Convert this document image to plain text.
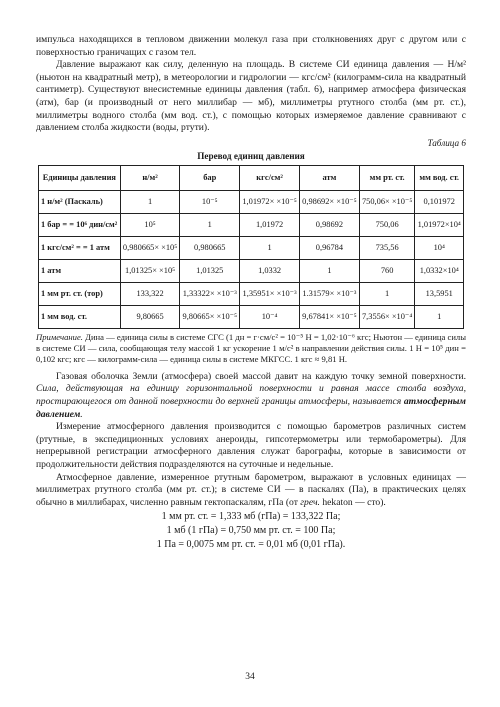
импульса находящихся в тепловом движении молекул газа при столкновениях друг с другом или с поверхностью граничащих с газом тел.

Давление выражают как силу, деленную на площадь. В системе СИ единица давления — Н/м² (ньютон на квадратный метр), в метеорологии и гидрологии — кгс/см² (килограмм-сила на квадратный сантиметр). Существуют внесистемные единицы давления (табл. 6), например атмосфера физическая (атм), бар (и производный от него миллибар — мб), миллиметры ртутного столба (мм рт. ст.), миллиметры водного столба (мм вод. ст.), с помощью которых измеряемое давление сравнивают с давлением столба жидкости (воды, ртути).

Таблица 6
Перевод единиц давления
Единицы давления	н/м²	бар	кгс/см²	атм	мм рт. ст.	мм вод. ст.
1 н/м² (Паскаль)	1	10⁻⁵	1,01972× ×10⁻⁵	0,98692× ×10⁻⁵	750,06× ×10⁻⁵	0,101972
1 бар = = 10⁶ дин/см²	10⁵	1	1,01972	0,98692	750,06	1,01972×10⁴
1 кгс/см² = = 1 атм	0,980665× ×10⁵	0,980665	1	0,96784	735,56	10⁴
1 атм	1,01325× ×10⁵	1,01325	1,0332	1	760	1,0332×10⁴
1 мм рт. ст. (тор)	133,322	1,33322× ×10⁻³	1,35951× ×10⁻³	1.31579× ×10⁻³	1	13,5951
1 мм вод. ст.	9,80665	9,80665× ×10⁻⁵	10⁻⁴	9,67841× ×10⁻⁵	7,3556× ×10⁻⁴	1

Примечание. Дина — единица силы в системе СГС (1 дн = г·см/с² = 10⁻⁵ Н = 1,02·10⁻⁶ кгс; Ньютон — единица силы в системе СИ — сила, сообщающая телу массой 1 кг ускорение 1 м/с² в направлении действия силы. 1 Н = 10⁵ дин = 0,102 кгс; кгс — килограмм-сила — единица силы в системе МКГСС. 1 кгс ≈ 9,81 Н.

Газовая оболочка Земли (атмосфера) своей массой давит на каждую точку земной поверхности. Сила, действующая на единицу горизонтальной поверхности и равная массе столба воздуха, простирающегося от данной поверхности до верхней границы атмосферы, называется атмосферным давлением.

Измерение атмосферного давления производится с помощью барометров различных систем (ртутные, в экспедиционных условиях анероиды, гипсотермометры или термобарометры). Для непрерывной регистрации атмосферного давления служат барографы, которые в зависимости от продолжительности действия подразделяются на суточные и недельные.

Атмосферное давление, измеренное ртутным барометром, выражают в условных единицах — миллиметрах ртутного столба (мм рт. ст.); в системе СИ — в паскалях (Па), в практических целях обычно в миллибарах, численно равным гектопаскалям, гПа (от греч. hekaton — сто).

1 мм рт. ст. = 1,333 мб (гПа) = 133,322 Па;
1 мб (1 гПа) = 0,750 мм рт. ст. = 100 Па;
1 Па = 0,0075 мм рт. ст. = 0,01 мб (0,01 гПа).
34
